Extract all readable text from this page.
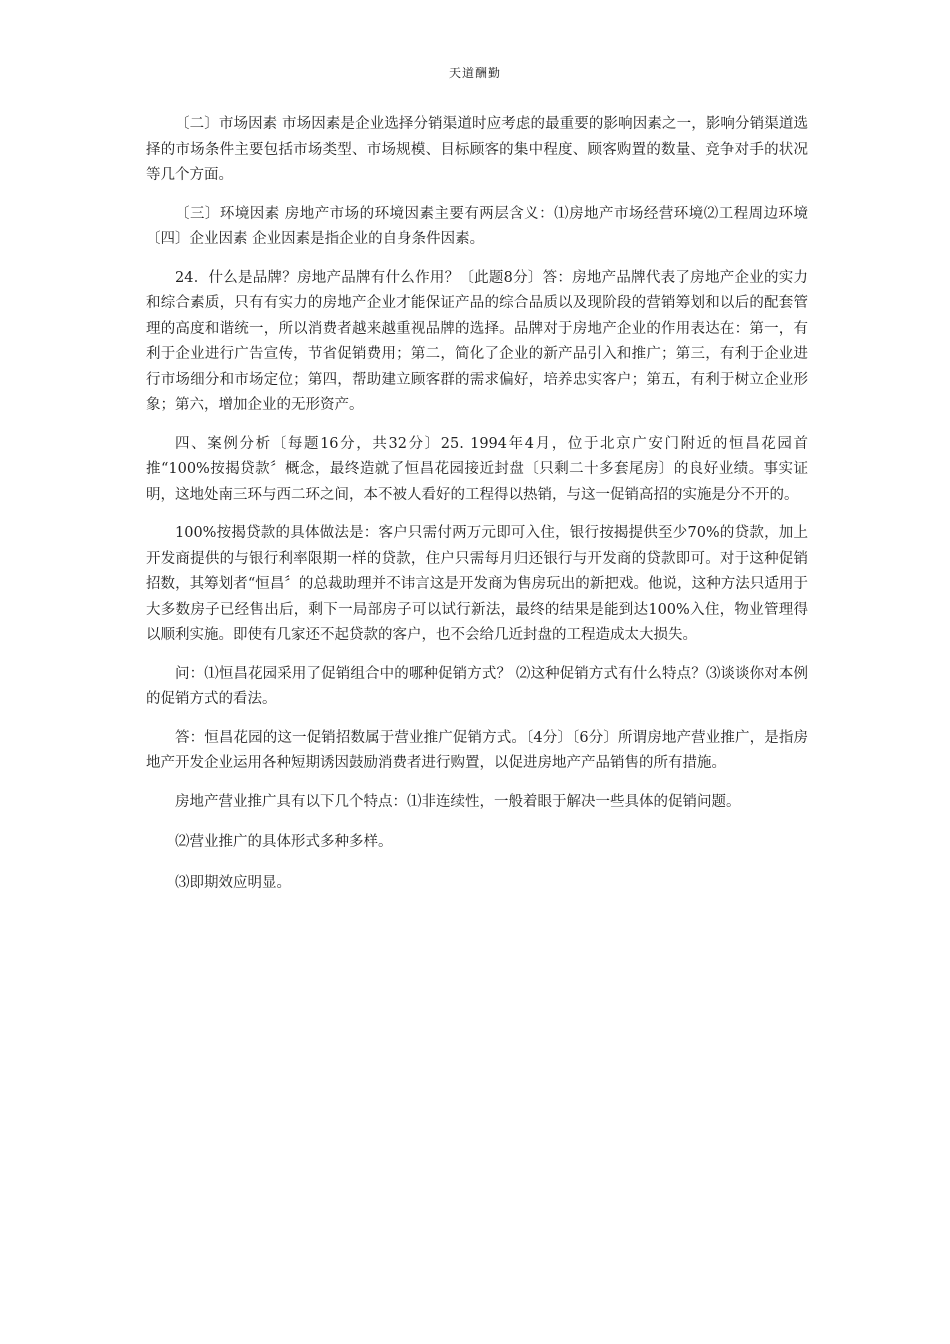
天道酬勤

〔二〕市场因素 市场因素是企业选择分销渠道时应考虑的最重要的影响因素之一，影响分销渠道选择的市场条件主要包括市场类型、市场规模、目标顾客的集中程度、顾客购置的数量、竞争对手的状况等几个方面。

〔三〕环境因素 房地产市场的环境因素主要有两层含义：⑴房地产市场经营环境⑵工程周边环境 〔四〕企业因素 企业因素是指企业的自身条件因素。

24．什么是品牌？房地产品牌有什么作用？〔此题8分〕答：房地产品牌代表了房地产企业的实力和综合素质，只有有实力的房地产企业才能保证产品的综合品质以及现阶段的营销筹划和以后的配套管理的高度和谐统一，所以消费者越来越重视品牌的选择。品牌对于房地产企业的作用表达在：第一，有利于企业进行广告宣传，节省促销费用；第二，简化了企业的新产品引入和推广；第三，有利于企业进行市场细分和市场定位；第四，帮助建立顾客群的需求偏好，培养忠实客户；第五，有利于树立企业形象；第六，增加企业的无形资产。

四、案例分析〔每题16分，共32分〕25. 1994年4月，位于北京广安门附近的恒昌花园首推“100%按揭贷款〞概念，最终造就了恒昌花园接近封盘〔只剩二十多套尾房〕的良好业绩。事实证明，这地处南三环与西二环之间，本不被人看好的工程得以热销，与这一促销高招的实施是分不开的。

100%按揭贷款的具体做法是：客户只需付两万元即可入住，银行按揭提供至少70%的贷款，加上开发商提供的与银行利率限期一样的贷款，住户只需每月归还银行与开发商的贷款即可。对于这种促销招数，其筹划者“恒昌〞的总裁助理并不讳言这是开发商为售房玩出的新把戏。他说，这种方法只适用于大多数房子已经售出后，剩下一局部房子可以试行新法，最终的结果是能到达100%入住，物业管理得以顺利实施。即使有几家还不起贷款的客户，也不会给几近封盘的工程造成太大损失。

问：⑴恒昌花园采用了促销组合中的哪种促销方式？ ⑵这种促销方式有什么特点？⑶谈谈你对本例的促销方式的看法。

答：恒昌花园的这一促销招数属于营业推广促销方式。〔4分〕〔6分〕所谓房地产营业推广，是指房地产开发企业运用各种短期诱因鼓励消费者进行购置，以促进房地产产品销售的所有措施。

房地产营业推广具有以下几个特点：⑴非连续性，一般着眼于解决一些具体的促销问题。

⑵营业推广的具体形式多种多样。

⑶即期效应明显。
